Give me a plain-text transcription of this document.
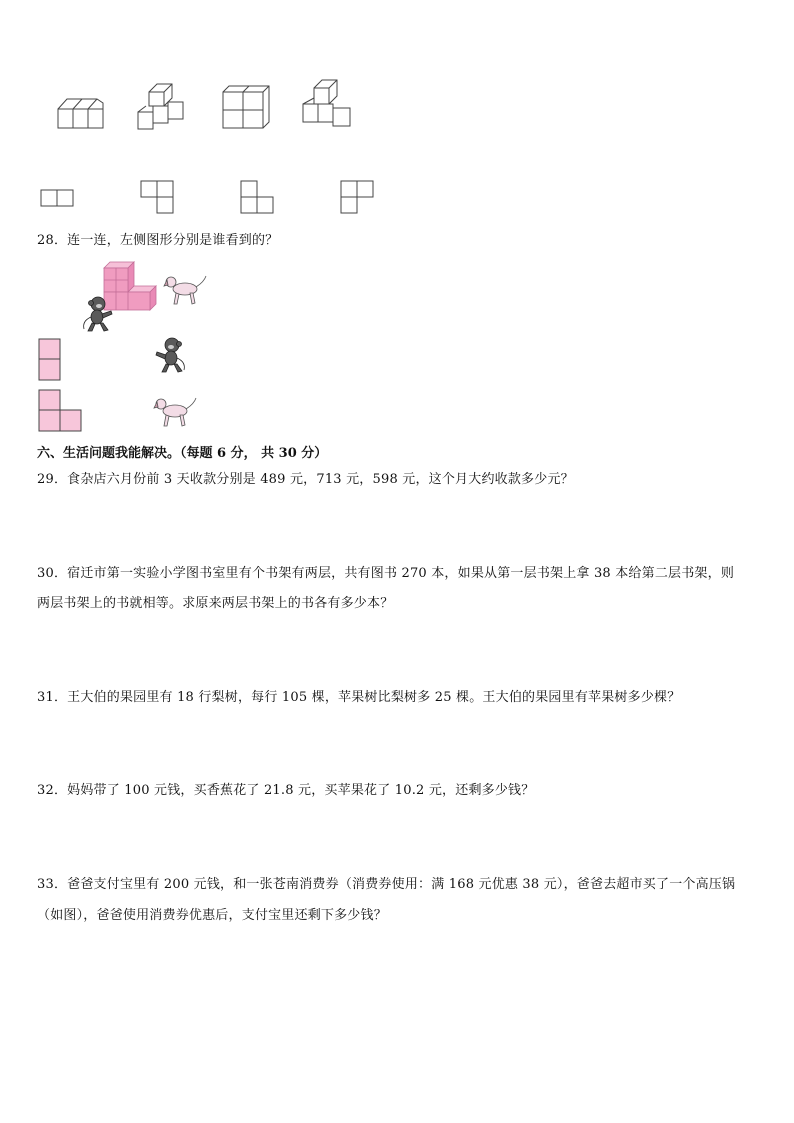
28．连一连，左侧图形分别是谁看到的？
六、生活问题我能解决。（每题 6 分， 共 30 分）
29．食杂店六月份前 3 天收款分别是 489 元，713 元，598 元，这个月大约收款多少元？
30．宿迁市第一实验小学图书室里有个书架有两层，共有图书 270 本，如果从第一层书架上拿 38 本给第二层书架，则
两层书架上的书就相等。求原来两层书架上的书各有多少本？
31．王大伯的果园里有 18 行梨树，每行 105 棵，苹果树比梨树多 25 棵。王大伯的果园里有苹果树多少棵？
32．妈妈带了 100 元钱，买香蕉花了 21.8 元，买苹果花了 10.2 元，还剩多少钱？
33．爸爸支付宝里有 200 元钱，和一张苍南消费券（消费券使用：满 168 元优惠 38 元），爸爸去超市买了一个高压锅
（如图），爸爸使用消费券优惠后，支付宝里还剩下多少钱？
